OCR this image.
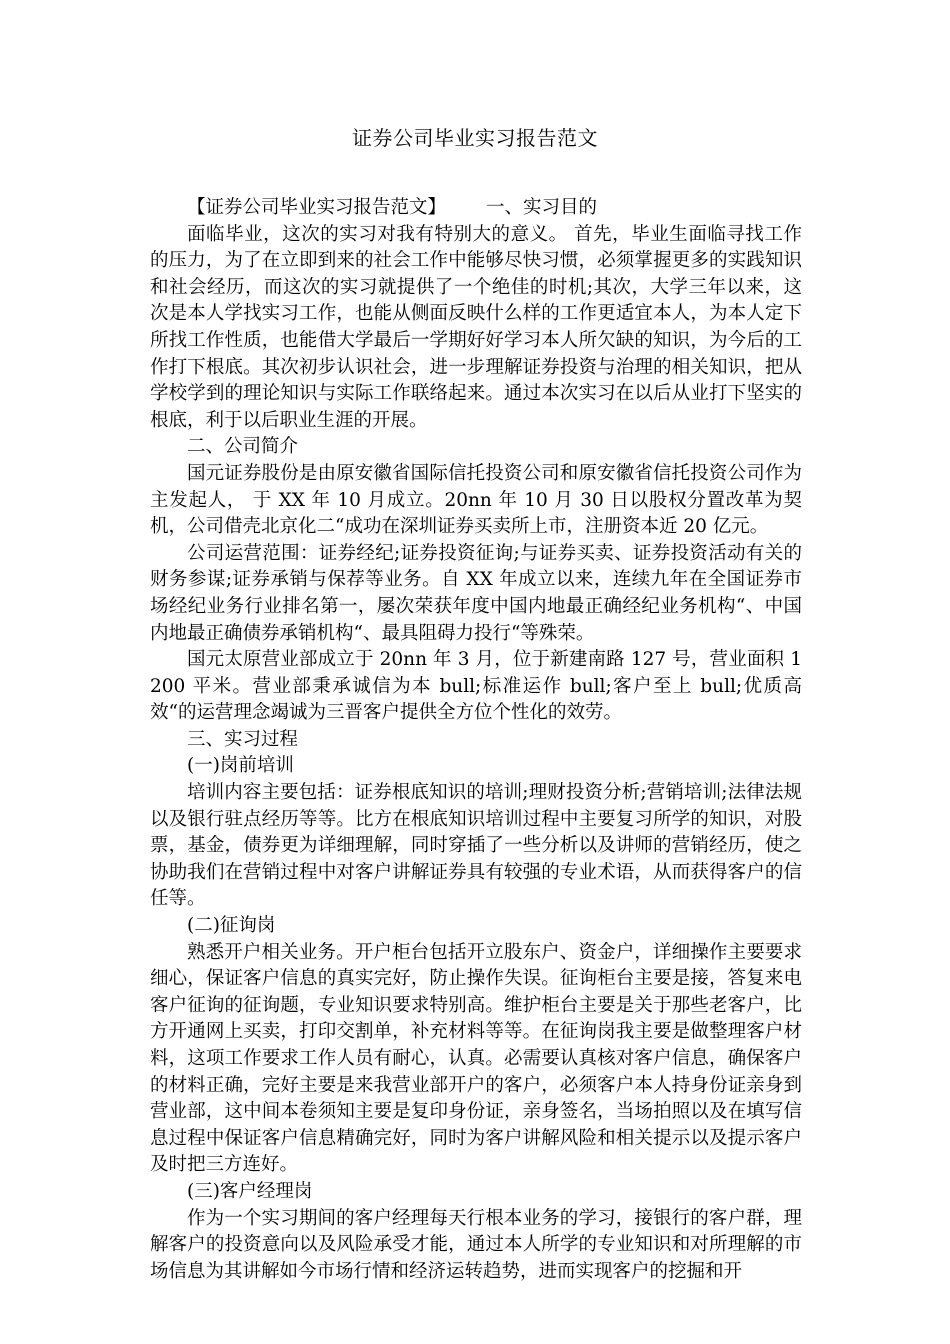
证券公司毕业实习报告范文

【证券公司毕业实习报告范文】 一、实习目的

面临毕业，这次的实习对我有特别大的意义。 首先，毕业生面临寻找工作的压力，为了在立即到来的社会工作中能够尽快习惯，必须掌握更多的实践知识和社会经历，而这次的实习就提供了一个绝佳的时机;其次，大学三年以来，这次是本人学找实习工作，也能从侧面反映什么样的工作更适宜本人，为本人定下所找工作性质，也能借大学最后一学期好好学习本人所欠缺的知识，为今后的工作打下根底。其次初步认识社会，进一步理解证券投资与治理的相关知识，把从学校学到的理论知识与实际工作联络起来。通过本次实习在以后从业打下坚实的根底，利于以后职业生涯的开展。

二、公司简介

国元证券股份是由原安徽省国际信托投资公司和原安徽省信托投资公司作为主发起人， 于 XX 年 10 月成立。20nn 年 10 月 30 日以股权分置改革为契机，公司借壳北京化二“成功在深圳证券买卖所上市，注册资本近 20 亿元。

公司运营范围：证券经纪;证券投资征询;与证券买卖、证券投资活动有关的财务参谋;证券承销与保荐等业务。自 XX 年成立以来，连续九年在全国证券市场经纪业务行业排名第一，屡次荣获年度中国内地最正确经纪业务机构“、中国内地最正确债券承销机构“、最具阻碍力投行“等殊荣。

国元太原营业部成立于 20nn 年 3 月，位于新建南路 127 号，营业面积 1200 平米。营业部秉承诚信为本 bull;标准运作 bull;客户至上 bull;优质高效“的运营理念竭诚为三晋客户提供全方位个性化的效劳。

三、实习过程

(一)岗前培训

培训内容主要包括：证券根底知识的培训;理财投资分析;营销培训;法律法规以及银行驻点经历等等。比方在根底知识培训过程中主要复习所学的知识，对股票，基金，债券更为详细理解，同时穿插了一些分析以及讲师的营销经历，使之协助我们在营销过程中对客户讲解证券具有较强的专业术语，从而获得客户的信任等。

(二)征询岗

熟悉开户相关业务。开户柜台包括开立股东户、资金户，详细操作主要要求细心，保证客户信息的真实完好，防止操作失误。征询柜台主要是接，答复来电客户征询的征询题，专业知识要求特别高。维护柜台主要是关于那些老客户，比方开通网上买卖，打印交割单，补充材料等等。在征询岗我主要是做整理客户材料，这项工作要求工作人员有耐心，认真。必需要认真核对客户信息，确保客户的材料正确，完好主要是来我营业部开户的客户，必须客户本人持身份证亲身到营业部，这中间本卷须知主要是复印身份证，亲身签名，当场拍照以及在填写信息过程中保证客户信息精确完好，同时为客户讲解风险和相关提示以及提示客户及时把三方连好。

(三)客户经理岗

作为一个实习期间的客户经理每天行根本业务的学习，接银行的客户群，理解客户的投资意向以及风险承受才能，通过本人所学的专业知识和对所理解的市场信息为其讲解如今市场行情和经济运转趋势，进而实现客户的挖掘和开
